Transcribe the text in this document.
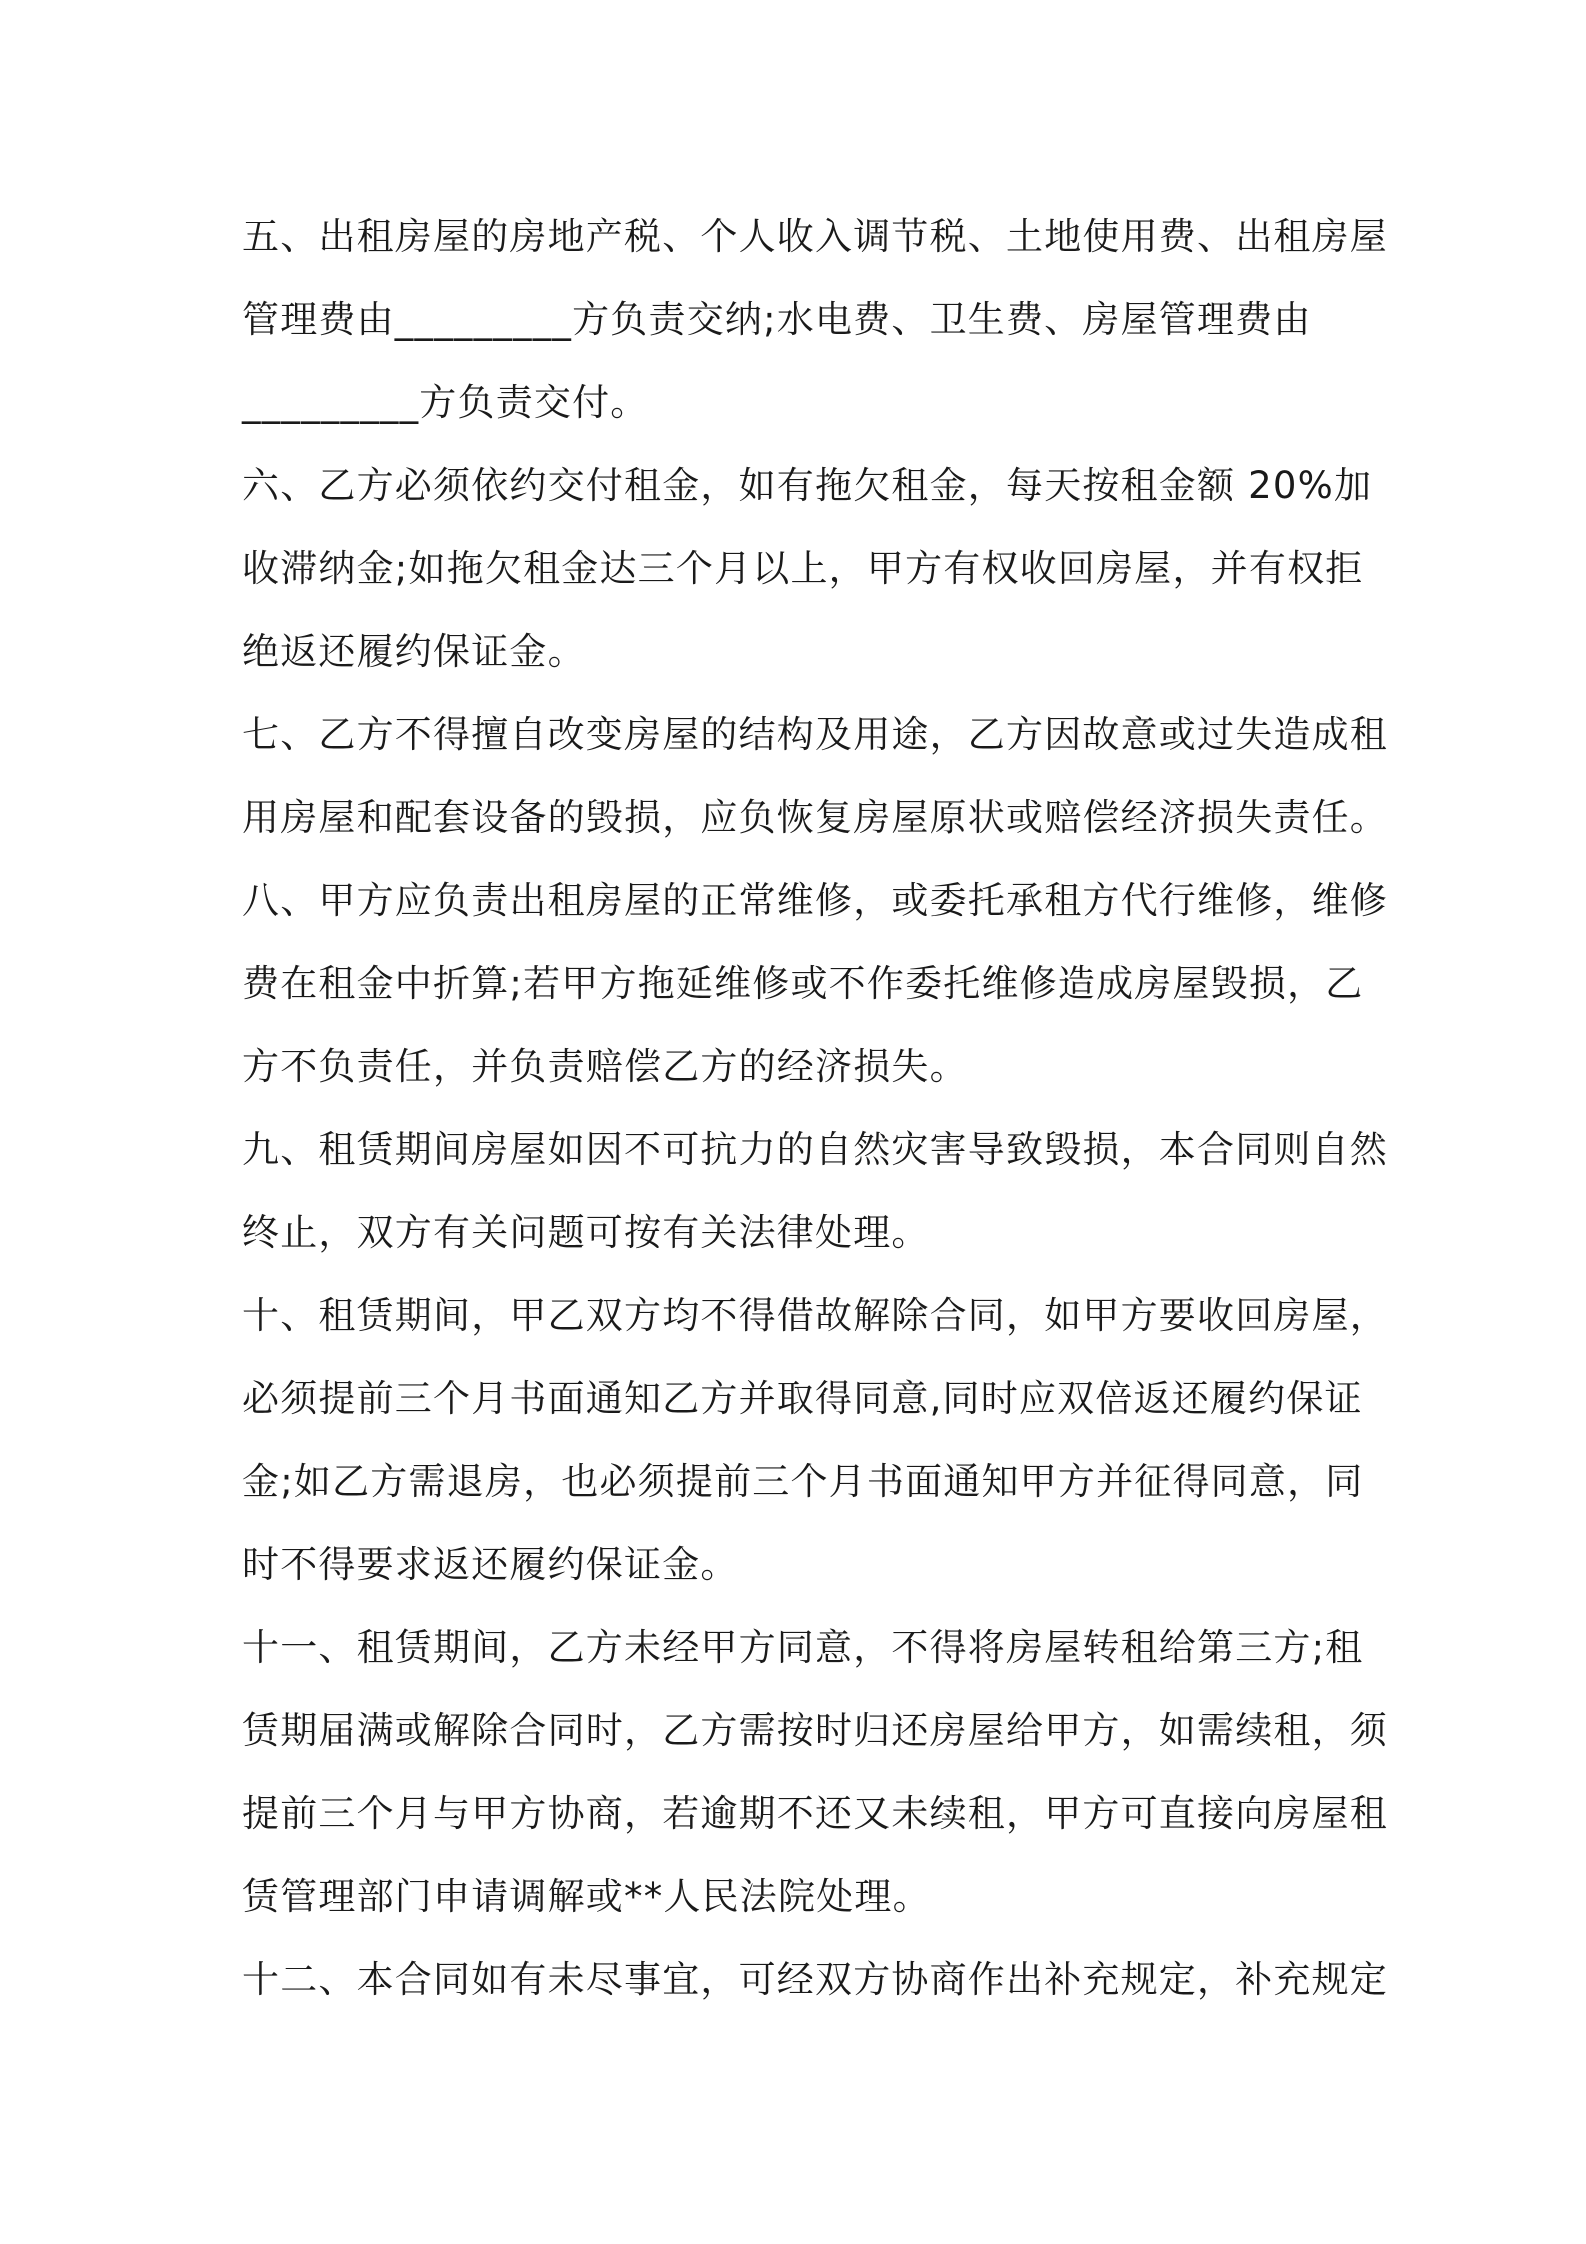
五、出租房屋的房地产税、个人收入调节税、土地使用费、出租房屋
管理费由_________方负责交纳;水电费、卫生费、房屋管理费由
_________方负责交付。
六、乙方必须依约交付租金，如有拖欠租金，每天按租金额 20%加
收滞纳金;如拖欠租金达三个月以上，甲方有权收回房屋，并有权拒
绝返还履约保证金。
七、乙方不得擅自改变房屋的结构及用途，乙方因故意或过失造成租
用房屋和配套设备的毁损，应负恢复房屋原状或赔偿经济损失责任。
八、甲方应负责出租房屋的正常维修，或委托承租方代行维修，维修
费在租金中折算;若甲方拖延维修或不作委托维修造成房屋毁损，乙
方不负责任，并负责赔偿乙方的经济损失。
九、租赁期间房屋如因不可抗力的自然灾害导致毁损，本合同则自然
终止，双方有关问题可按有关法律处理。
十、租赁期间，甲乙双方均不得借故解除合同，如甲方要收回房屋，
必须提前三个月书面通知乙方并取得同意,同时应双倍返还履约保证
金;如乙方需退房，也必须提前三个月书面通知甲方并征得同意，同
时不得要求返还履约保证金。
十一、租赁期间，乙方未经甲方同意，不得将房屋转租给第三方;租
赁期届满或解除合同时，乙方需按时归还房屋给甲方，如需续租，须
提前三个月与甲方协商，若逾期不还又未续租，甲方可直接向房屋租
赁管理部门申请调解或**人民法院处理。
十二、本合同如有未尽事宜，可经双方协商作出补充规定，补充规定
